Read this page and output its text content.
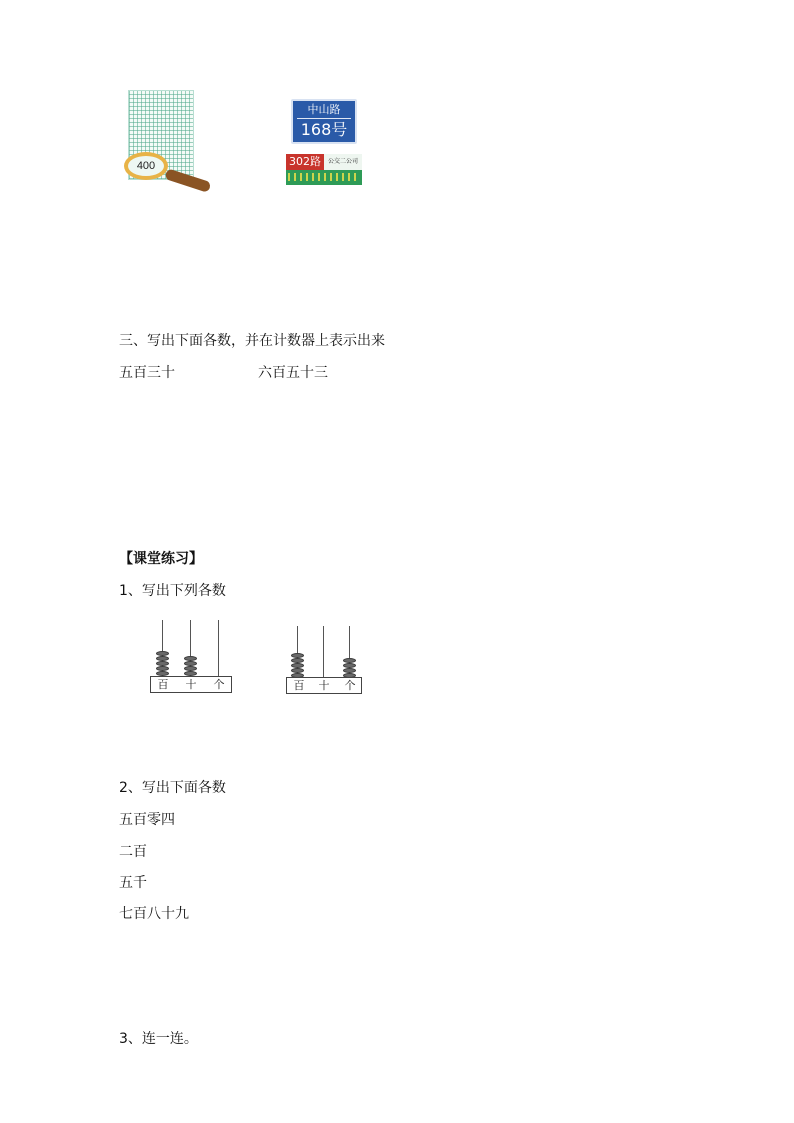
400
中山路
168号
302路	公交二公司
三、写出下面各数，并在计数器上表示出来
五百三十	六百五十三
【课堂练习】
1、写出下列各数
百	十	个	百	十	个
2、写出下面各数
五百零四
二百
五千
七百八十九
3、连一连。
